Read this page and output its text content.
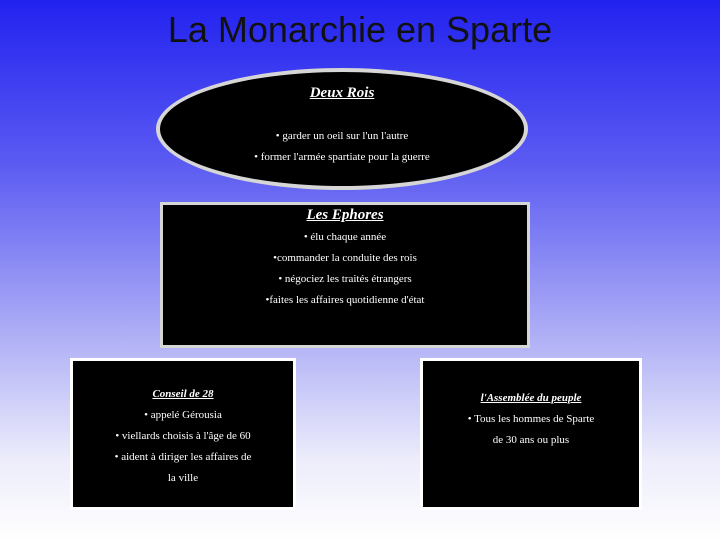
La Monarchie en Sparte
Deux Rois
• garder un oeil sur l'un l'autre
• former l'armée spartiate pour la guerre
Les Ephores
• élu chaque année
•commander la conduite des rois
• négociez les traités étrangers
•faites les affaires quotidienne d'état
Conseil de 28
• appelé Gérousia
• viellards choisis à l'âge de 60
• aident à diriger les affaires de
la ville
l'Assemblée du peuple
• Tous les hommes de Sparte
de 30 ans ou plus
